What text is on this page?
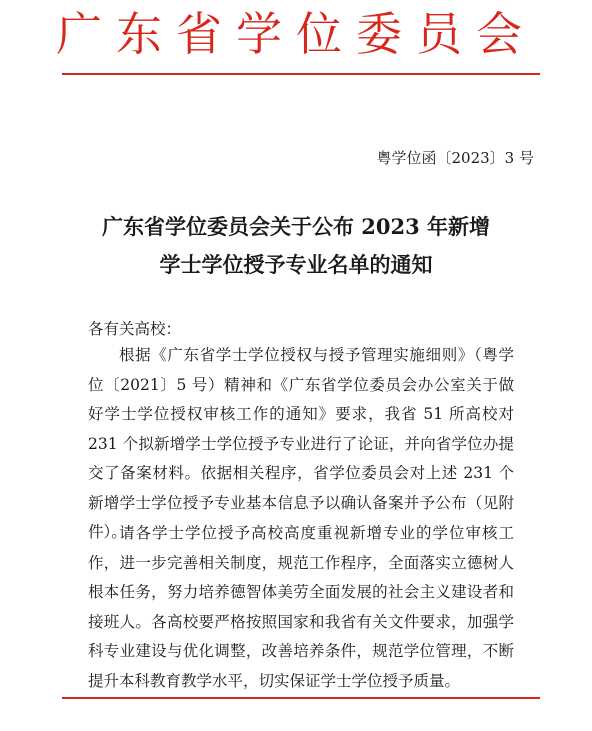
广东省学位委员会
粤学位函〔2023〕3 号
广东省学位委员会关于公布 2023 年新增
学士学位授予专业名单的通知
各有关高校：
根据《广东省学士学位授权与授予管理实施细则》（粤学位〔2021〕5 号）精神和《广东省学位委员会办公室关于做好学士学位授权审核工作的通知》要求，我省 51 所高校对 231 个拟新增学士学位授予专业进行了论证，并向省学位办提交了备案材料。依据相关程序，省学位委员会对上述 231 个新增学士学位授予专业基本信息予以确认备案并予公布（见附件）。
请各学士学位授予高校高度重视新增专业的学位审核工作，进一步完善相关制度，规范工作程序，全面落实立德树人根本任务，努力培养德智体美劳全面发展的社会主义建设者和接班人。各高校要严格按照国家和我省有关文件要求，加强学科专业建设与优化调整，改善培养条件，规范学位管理，不断提升本科教育教学水平，切实保证学士学位授予质量。
